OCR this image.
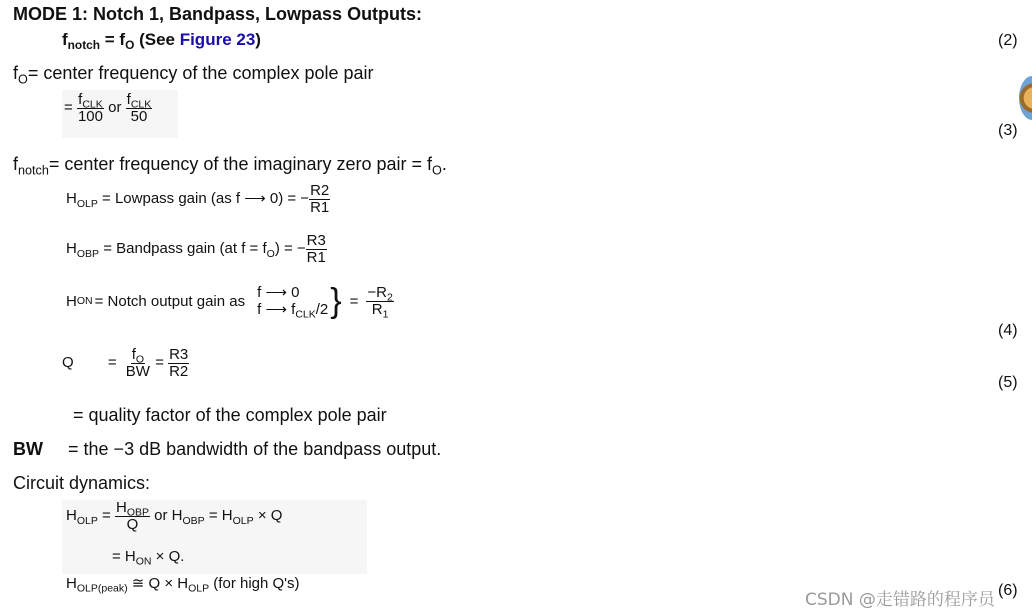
MODE 1: Notch 1, Bandpass, Lowpass Outputs:
$f_{notch} = f_O$ (See Figure 23)	(2)
$f_O=$ center frequency of the complex pole pair
= $\frac{f_{CLK}}{100}$ or $\frac{f_{CLK}}{50}$
(3)
$f_{notch}=$ center frequency of the imaginary zero pair = $f_O$.
$H_{OLP}$ = Lowpass gain (as f ⟶ 0) = − $\frac{R2}{R1}$
$H_{OBP}$ = Bandpass gain (at $f = f_O$) = − $\frac{R3}{R1}$
H ON = Notch output gain as
f ⟶ 0
f ⟶ $f_{CLK}/2$ } = $\frac{-R_2}{R_1}$
(4)
$Q = \frac{f_O}{BW} = \frac{R3}{R2}$
(5)
= quality factor of the complex pole pair
BW = the −3 dB bandwidth of the bandpass output.
Circuit dynamics:
$H_{OLP} = \frac{H_{OBP}}{Q}$ or $H_{OBP} = H_{OLP} \times Q$
= $H_{ON} \times Q$.
$H_{OLP(peak)}$ ≅ $Q \times H_{OLP}$ (for high Q's)	(6)
CSDN @走错路的程序员
